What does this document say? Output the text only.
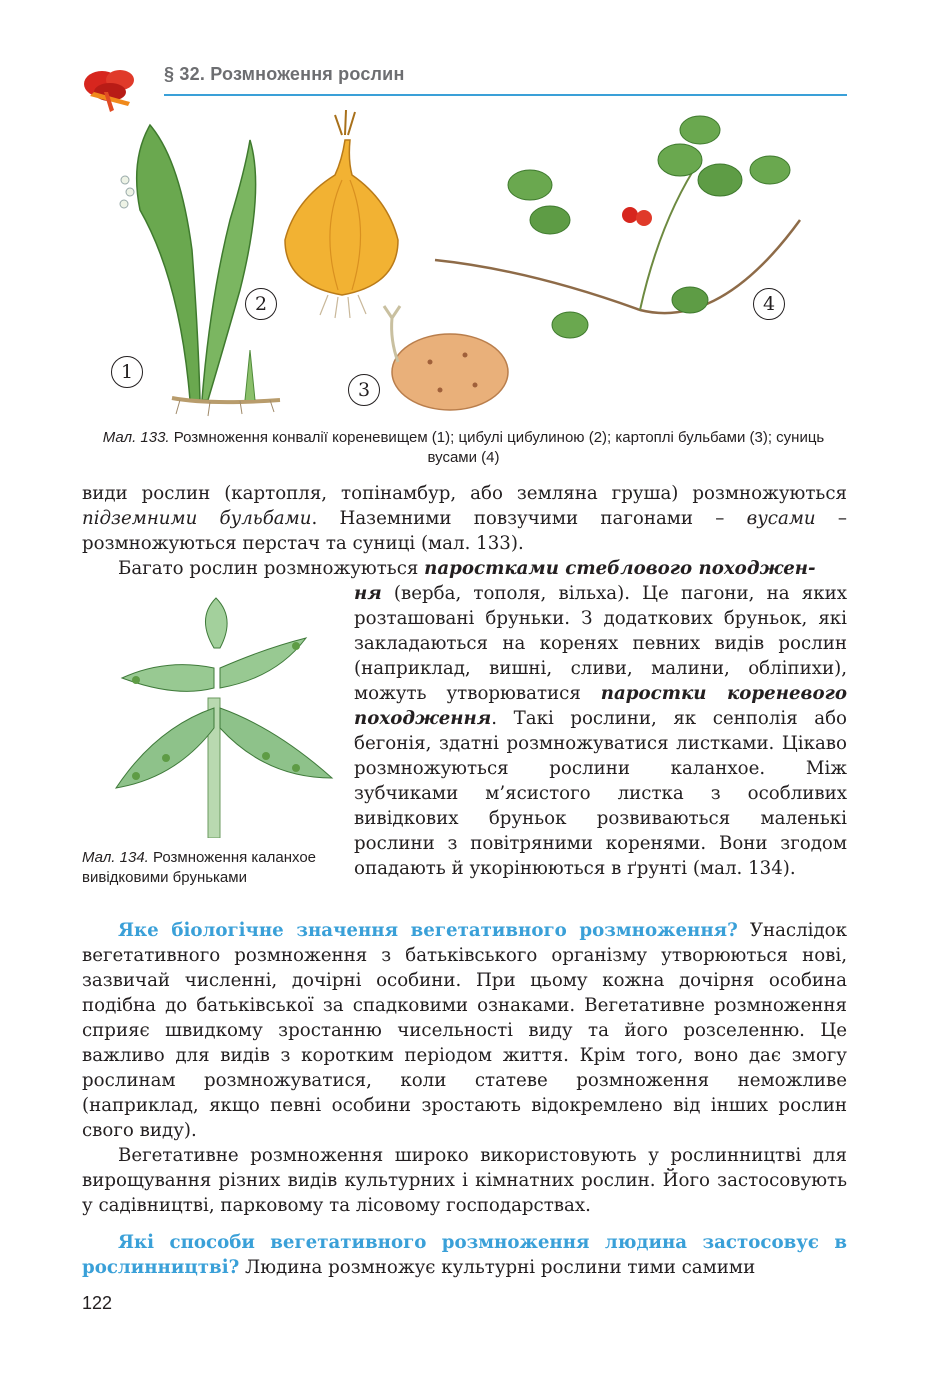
§ 32. Розмноження рослин
1
2
3
4
Мал. 133. Розмноження конвалії кореневищем (1); цибулі цибулиною (2); картоплі бульбами (3); суниць вусами (4)
види рослин (картопля, топінамбур, або земляна груша) розмножуються підземними бульбами. Наземними повзучими пагонами – вусами – розмножуються перстач та суниці (мал. 133).
Багато рослин розмножуються паростками стеблового походжен-
Мал. 134. Розмноження каланхое вивідковими бруньками
ня (верба, тополя, вільха). Це пагони, на яких розташовані бруньки. З додаткових бруньок, які закладаються на коренях певних видів рослин (наприклад, вишні, сливи, малини, обліпихи), можуть утворюватися паростки кореневого походження. Такі рослини, як сенполія або бегонія, здатні розмножуватися листками. Цікаво розмножуються рослини каланхое. Між зубчиками м’ясистого листка з особливих вивідкових бруньок розвиваються маленькі рослини з повітряними коренями. Вони згодом опадають й укорінюються в ґрунті (мал. 134).
Яке біологічне значення вегетативного розмноження? Унаслідок вегетативного розмноження з батьківського організму утворюються нові, зазвичай численні, дочірні особини. При цьому кожна дочірня особина подібна до батьківської за спадковими ознаками. Вегетативне розмноження сприяє швидкому зростанню чисельності виду та його розселенню. Це важливо для видів з коротким періодом життя. Крім того, воно дає змогу рослинам розмножуватися, коли статеве розмноження неможливе (наприклад, якщо певні особини зростають відокремлено від інших рослин свого виду).
Вегетативне розмноження широко використовують у рослинництві для вирощування різних видів культурних і кімнатних рослин. Його застосовують у садівництві, парковому та лісовому господарствах.
Які способи вегетативного розмноження людина застосовує в рослинництві? Людина розмножує культурні рослини тими самими
122
